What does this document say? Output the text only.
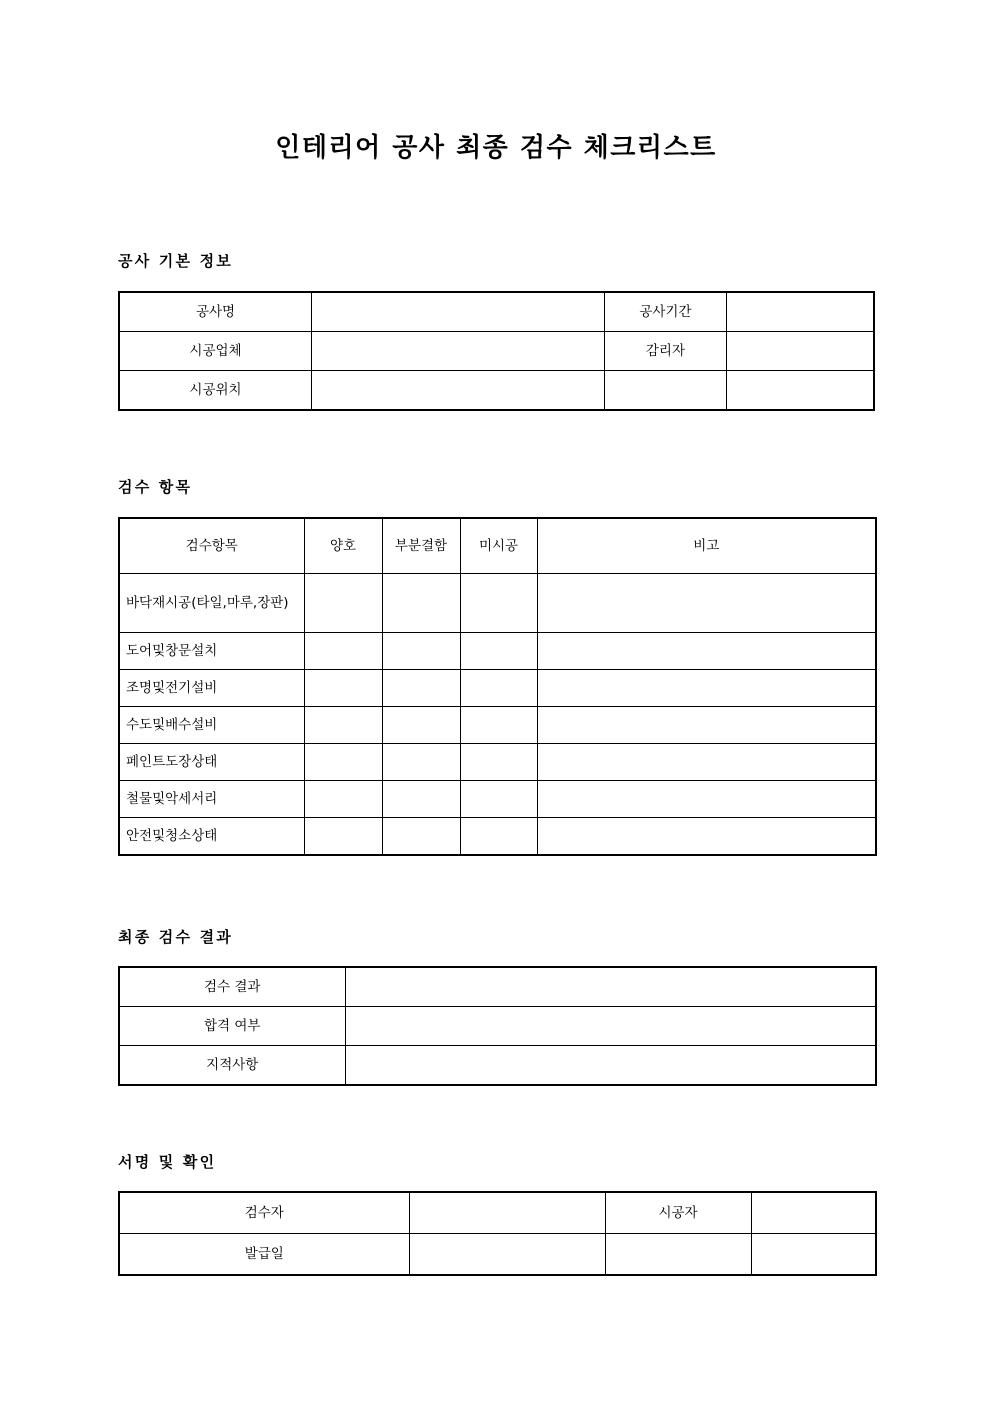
인테리어 공사 최종 검수 체크리스트
공사 기본 정보
공사명		공사기간	
시공업체		감리자	
시공위치			
검수 항목
검수항목	양호	부분결함	미시공	비고
바닥재시공(타일,마루,장판)				
도어및창문설치				
조명및전기설비				
수도및배수설비				
페인트도장상태				
철물및악세서리				
안전및청소상태				
최종 검수 결과
검수 결과	
합격 여부	
지적사항	
서명 및 확인
검수자		시공자	
발급일			
